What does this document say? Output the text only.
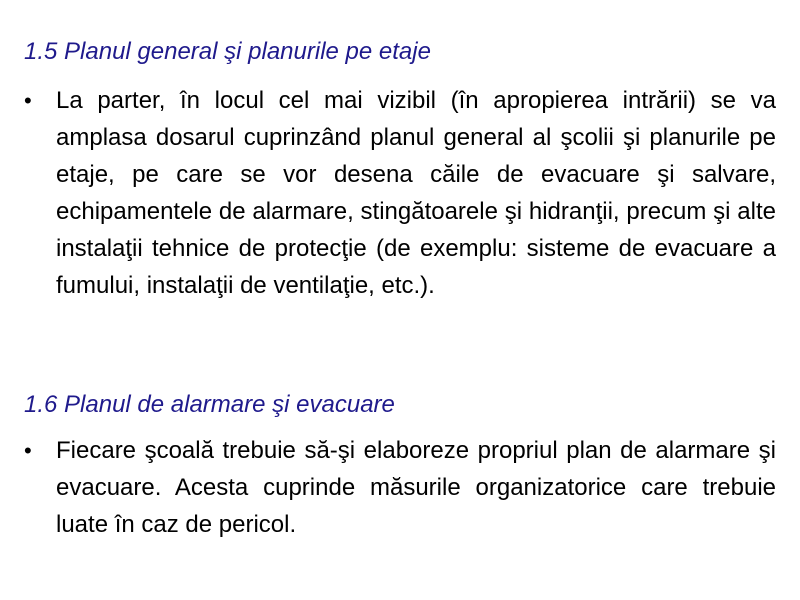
1.5 Planul general şi planurile pe etaje
• La parter, în locul cel mai vizibil (în apropierea intrării) se va amplasa dosarul cuprinzând planul general al şcolii şi planurile pe etaje, pe care se vor desena căile de evacuare şi salvare, echipamentele de alarmare, stingătoarele şi hidranţii, precum şi alte instalaţii tehnice de protecţie (de exemplu: sisteme de evacuare a fumului, instalaţii de ventilaţie, etc.).

1.6 Planul de alarmare şi evacuare
• Fiecare şcoală trebuie să-şi elaboreze propriul plan de alarmare şi evacuare. Acesta cuprinde măsurile organizatorice care trebuie luate în caz de pericol.
